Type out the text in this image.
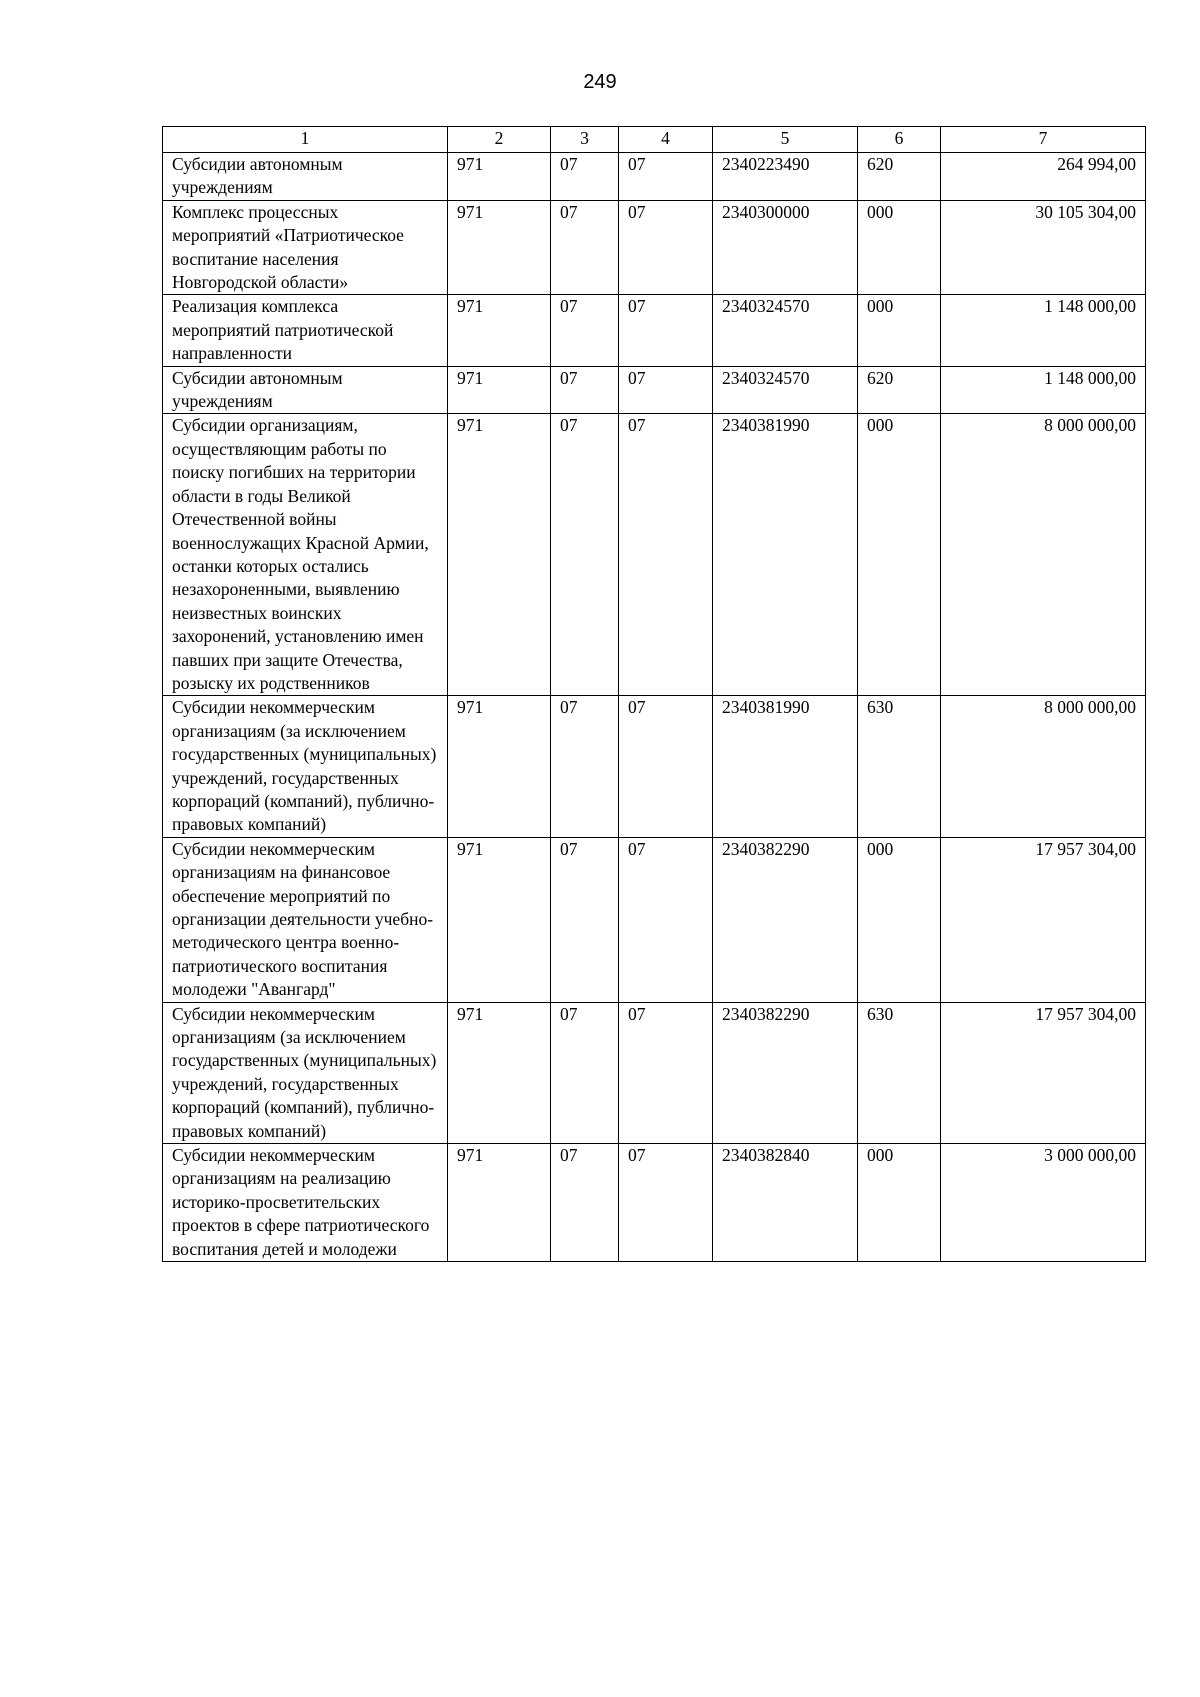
249
1	2	3	4	5	6	7
Субсидии автономным учреждениям	971	07	07	2340223490	620	264 994,00
Комплекс процессных мероприятий «Патриотическое воспитание населения Новгородской области»	971	07	07	2340300000	000	30 105 304,00
Реализация комплекса мероприятий патриотической направленности	971	07	07	2340324570	000	1 148 000,00
Субсидии автономным учреждениям	971	07	07	2340324570	620	1 148 000,00
Субсидии организациям, осуществляющим работы по поиску погибших на территории области в годы Великой Отечественной войны военнослужащих Красной Армии, останки которых остались незахороненными, выявлению неизвестных воинских захоронений, установлению имен павших при защите Отечества, розыску их родственников	971	07	07	2340381990	000	8 000 000,00
Субсидии некоммерческим организациям (за исключением государственных (муниципальных) учреждений, государственных корпораций (компаний), публично-правовых компаний)	971	07	07	2340381990	630	8 000 000,00
Субсидии некоммерческим организациям на финансовое обеспечение мероприятий по организации деятельности учебно-методического центра военно-патриотического воспитания молодежи "Авангард"	971	07	07	2340382290	000	17 957 304,00
Субсидии некоммерческим организациям (за исключением государственных (муниципальных) учреждений, государственных корпораций (компаний), публично-правовых компаний)	971	07	07	2340382290	630	17 957 304,00
Субсидии некоммерческим организациям на реализацию историко-просветительских проектов в сфере патриотического воспитания детей и молодежи	971	07	07	2340382840	000	3 000 000,00
